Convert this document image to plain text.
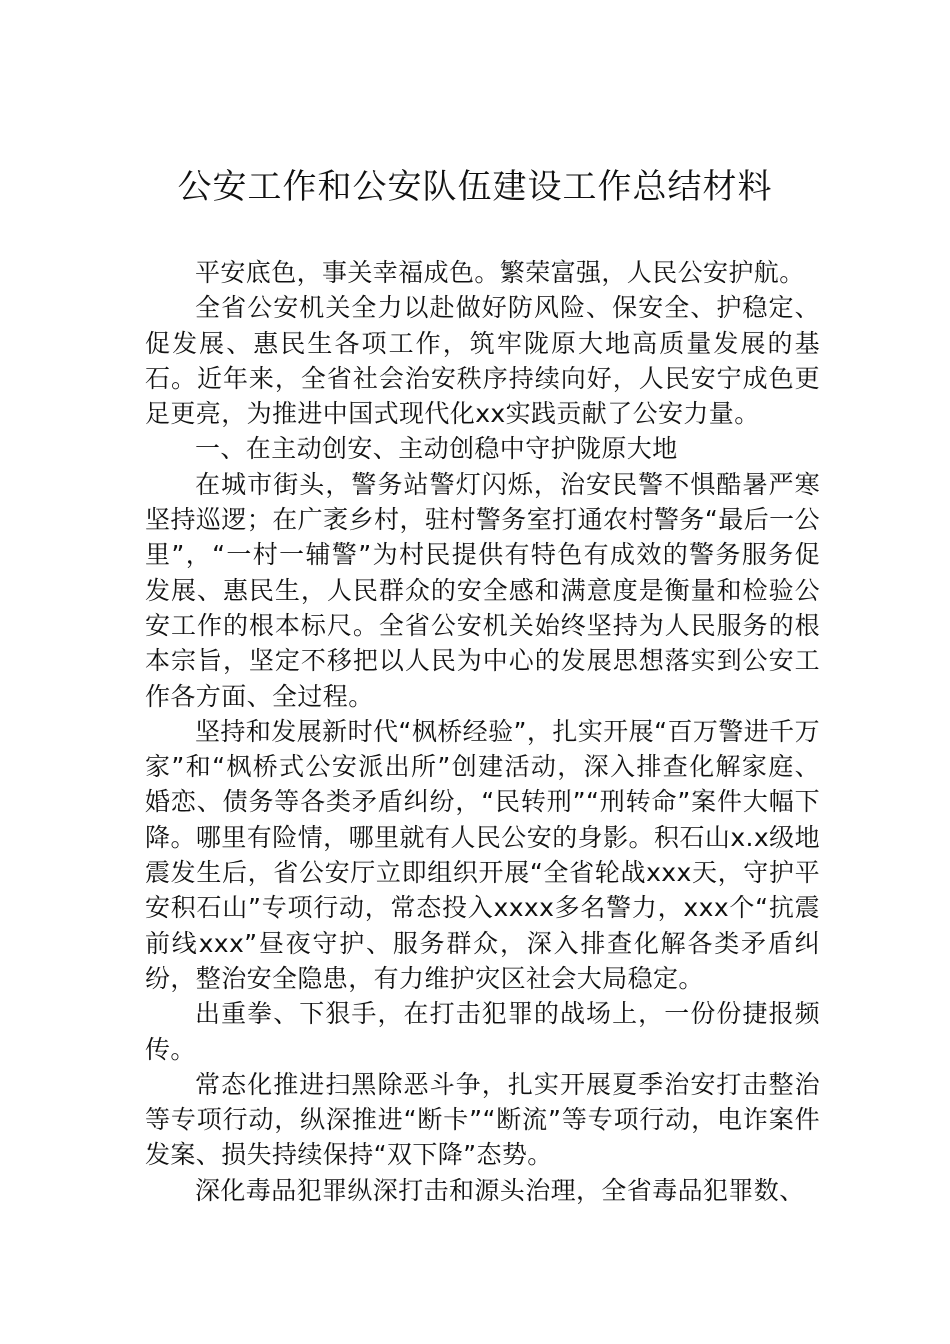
公安工作和公安队伍建设工作总结材料

平安底色，事关幸福成色。繁荣富强，人民公安护航。

全省公安机关全力以赴做好防风险、保安全、护稳定、促发展、惠民生各项工作，筑牢陇原大地高质量发展的基石。近年来，全省社会治安秩序持续向好，人民安宁成色更足更亮，为推进中国式现代化xx实践贡献了公安力量。

一、在主动创安、主动创稳中守护陇原大地

在城市街头，警务站警灯闪烁，治安民警不惧酷暑严寒坚持巡逻；在广袤乡村，驻村警务室打通农村警务“最后一公里”，“一村一辅警”为村民提供有特色有成效的警务服务促发展、惠民生，人民群众的安全感和满意度是衡量和检验公安工作的根本标尺。全省公安机关始终坚持为人民服务的根本宗旨，坚定不移把以人民为中心的发展思想落实到公安工作各方面、全过程。

坚持和发展新时代“枫桥经验”，扎实开展“百万警进千万家”和“枫桥式公安派出所”创建活动，深入排查化解家庭、婚恋、债务等各类矛盾纠纷，“民转刑”“刑转命”案件大幅下降。哪里有险情，哪里就有人民公安的身影。积石山x.x级地震发生后，省公安厅立即组织开展“全省轮战xxx天，守护平安积石山”专项行动，常态投入xxxx多名警力，xxx个“抗震前线xxx”昼夜守护、服务群众，深入排查化解各类矛盾纠纷，整治安全隐患，有力维护灾区社会大局稳定。

出重拳、下狠手，在打击犯罪的战场上，一份份捷报频传。

常态化推进扫黑除恶斗争，扎实开展夏季治安打击整治等专项行动，纵深推进“断卡”“断流”等专项行动，电诈案件发案、损失持续保持“双下降”态势。

深化毒品犯罪纵深打击和源头治理，全省毒品犯罪数、
